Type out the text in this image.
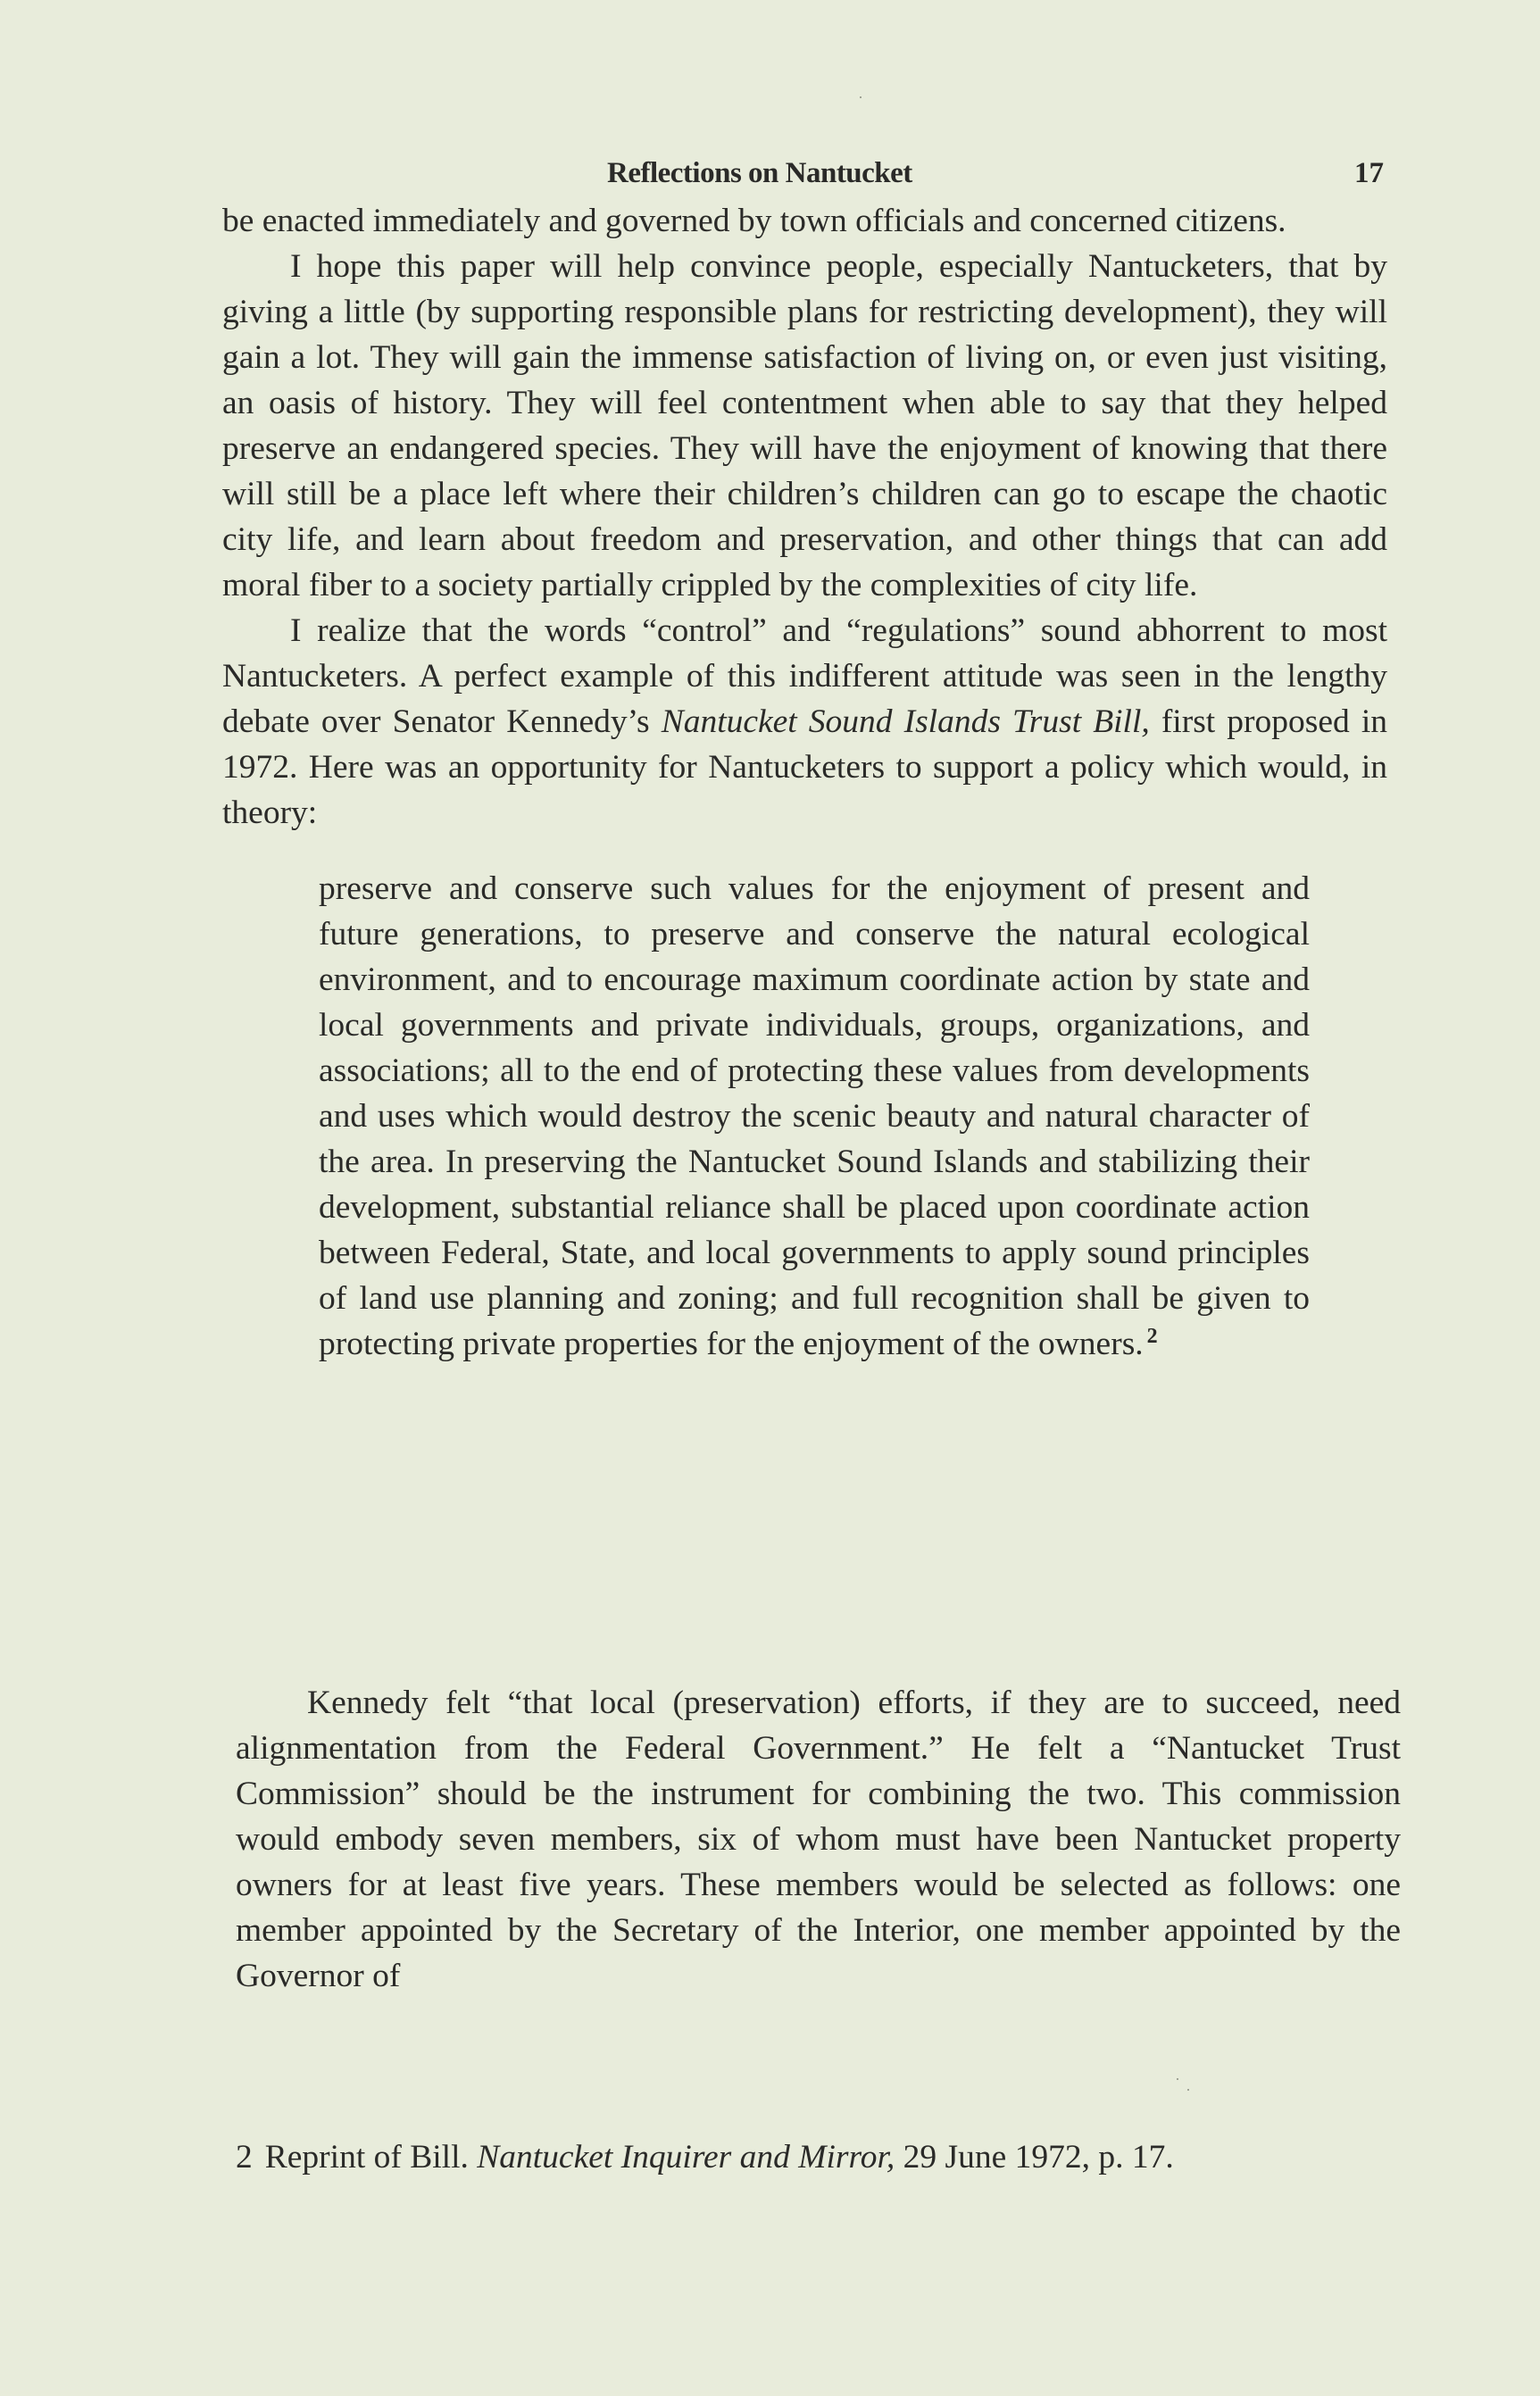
Reflections on Nantucket	17

be enacted immediately and governed by town officials and concerned citizens.

I hope this paper will help convince people, especially Nantucketers, that by giving a little (by supporting responsible plans for restricting development), they will gain a lot. They will gain the immense satisfaction of living on, or even just visiting, an oasis of history. They will feel contentment when able to say that they helped preserve an endangered species. They will have the enjoyment of knowing that there will still be a place left where their children’s children can go to escape the chaotic city life, and learn about freedom and preservation, and other things that can add moral fiber to a society partially crippled by the complexities of city life.

I realize that the words “control” and “regulations” sound abhorrent to most Nantucketers. A perfect example of this indifferent attitude was seen in the lengthy debate over Senator Kennedy’s Nantucket Sound Islands Trust Bill, first proposed in 1972. Here was an opportunity for Nantucketers to support a policy which would, in theory:

preserve and conserve such values for the enjoyment of present and future generations, to preserve and conserve the natural ecological environment, and to encourage maximum coordinate action by state and local governments and private individuals, groups, organizations, and associations; all to the end of protecting these values from developments and uses which would destroy the scenic beauty and natural character of the area. In preserving the Nantucket Sound Islands and stabilizing their development, substantial reliance shall be placed upon coordinate action between Federal, State, and local governments to apply sound principles of land use planning and zoning; and full recognition shall be given to protecting private properties for the enjoyment of the owners. $^2$

Kennedy felt “that local (preservation) efforts, if they are to succeed, need alignmentation from the Federal Government.” He felt a “Nantucket Trust Commission” should be the instrument for combining the two. This commission would embody seven members, six of whom must have been Nantucket property owners for at least five years. These members would be selected as follows: one member appointed by the Secretary of the Interior, one member appointed by the Governor of

2 Reprint of Bill. Nantucket Inquirer and Mirror, 29 June 1972, p. 17.
